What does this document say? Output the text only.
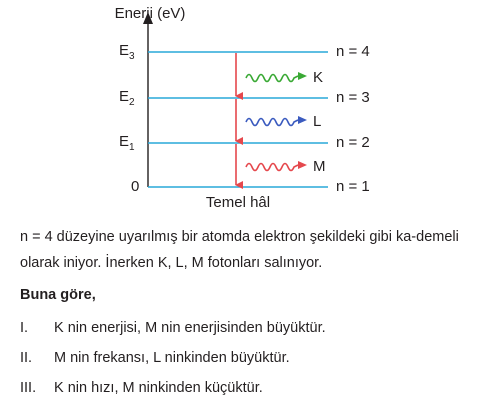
Enerji (eV)
$E_3$
$E_2$
$E_1$
0
n = 4
n = 3
n = 2
n = 1
K
L
M
Temel hâl

n = 4 düzeyine uyarılmış bir atomda elektron şekildeki gibi ka-demeli olarak iniyor. İnerken K, L, M fotonları salınıyor.

Buna göre,

I. K nin enerjisi, M nin enerjisinden büyüktür.
II. M nin frekansı, L ninkinden büyüktür.
III. K nin hızı, M ninkinden küçüktür.
